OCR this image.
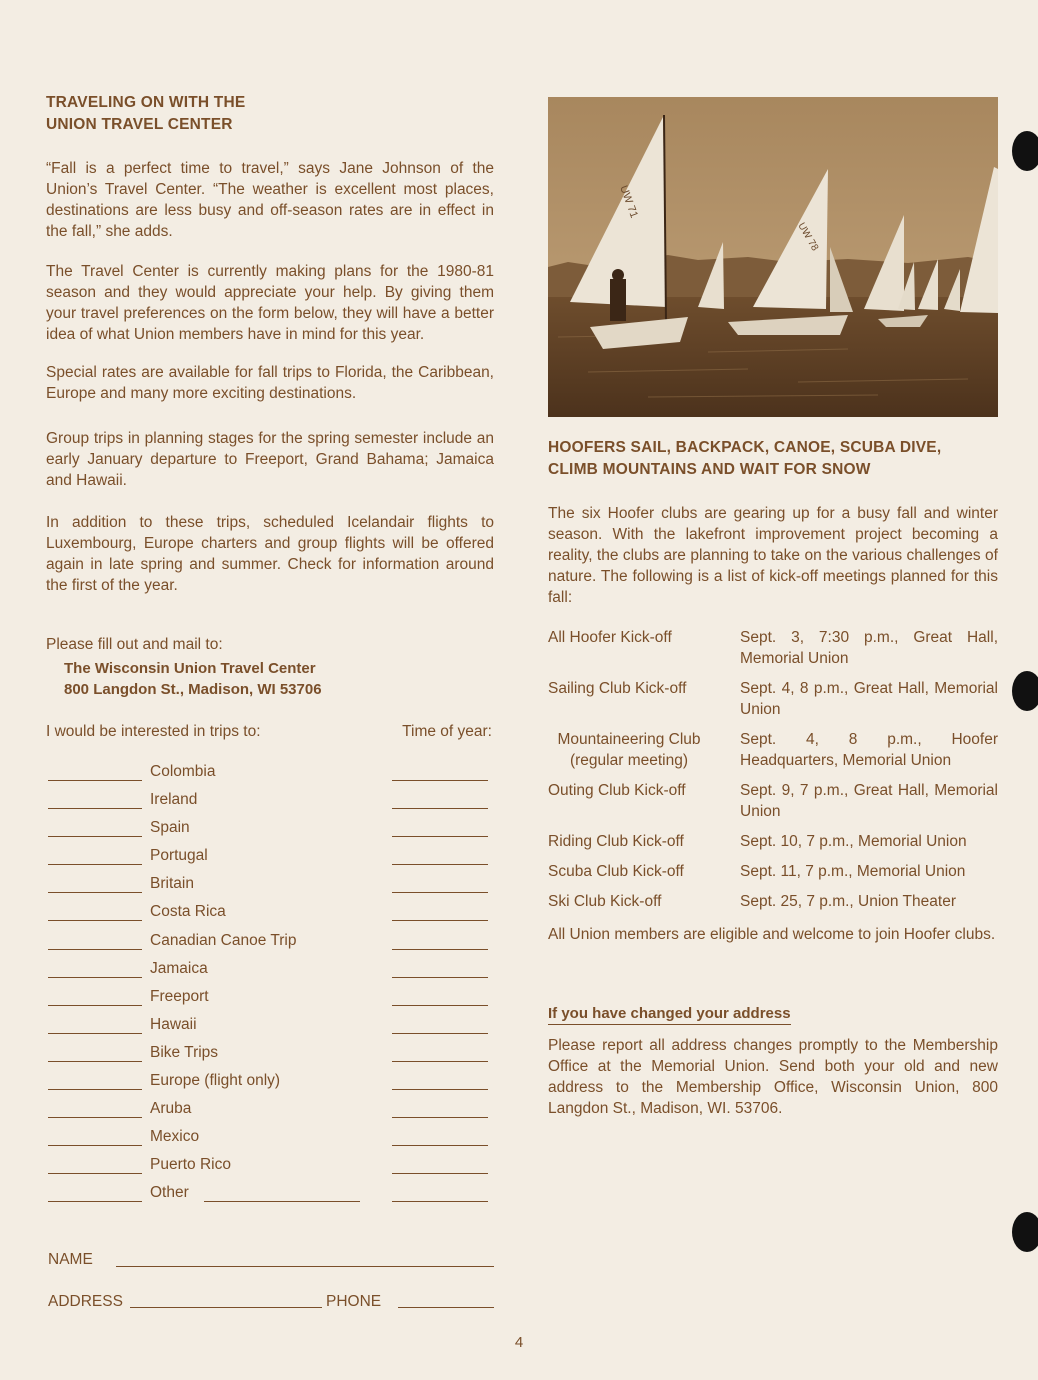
TRAVELING ON WITH THE
UNION TRAVEL CENTER

“Fall is a perfect time to travel,” says Jane Johnson of the Union’s Travel Center. “The weather is excellent most places, destinations are less busy and off-season rates are in effect in the fall,” she adds.

The Travel Center is currently making plans for the 1980-81 season and they would appreciate your help. By giving them your travel preferences on the form below, they will have a better idea of what Union members have in mind for this year.

Special rates are available for fall trips to Florida, the Caribbean, Europe and many more exciting destinations.

Group trips in planning stages for the spring semester include an early January departure to Freeport, Grand Bahama; Jamaica and Hawaii.

In addition to these trips, scheduled Icelandair flights to Luxembourg, Europe charters and group flights will be offered again in late spring and summer. Check for information around the first of the year.

Please fill out and mail to:
The Wisconsin Union Travel Center
800 Langdon St., Madison, WI 53706
I would be interested in trips to:	Time of year:
Colombia
Ireland
Spain
Portugal
Britain
Costa Rica
Canadian Canoe Trip
Jamaica
Freeport
Hawaii
Bike Trips
Europe (flight only)
Aruba
Mexico
Puerto Rico
Other
NAME
ADDRESS	PHONE
UW 71
UW 78

HOOFERS SAIL, BACKPACK, CANOE, SCUBA DIVE,
CLIMB MOUNTAINS AND WAIT FOR SNOW

The six Hoofer clubs are gearing up for a busy fall and winter season. With the lakefront improvement project becoming a reality, the clubs are planning to take on the various challenges of nature. The following is a list of kick-off meetings planned for this fall:

All Hoofer Kick-off	Sept. 3, 7:30 p.m., Great Hall, Memorial Union
Sailing Club Kick-off	Sept. 4, 8 p.m., Great Hall, Memorial Union
Mountaineering Club (regular meeting)
Sept. 4, 8 p.m., Hoofer Headquarters, Memorial Union
Outing Club Kick-off	Sept. 9, 7 p.m., Great Hall, Memorial Union
Riding Club Kick-off	Sept. 10, 7 p.m., Memorial Union
Scuba Club Kick-off	Sept. 11, 7 p.m., Memorial Union
Ski Club Kick-off	Sept. 25, 7 p.m., Union Theater

All Union members are eligible and welcome to join Hoofer clubs.

If you have changed your address

Please report all address changes promptly to the Membership Office at the Memorial Union. Send both your old and new address to the Membership Office, Wisconsin Union, 800 Langdon St., Madison, WI. 53706.

4
